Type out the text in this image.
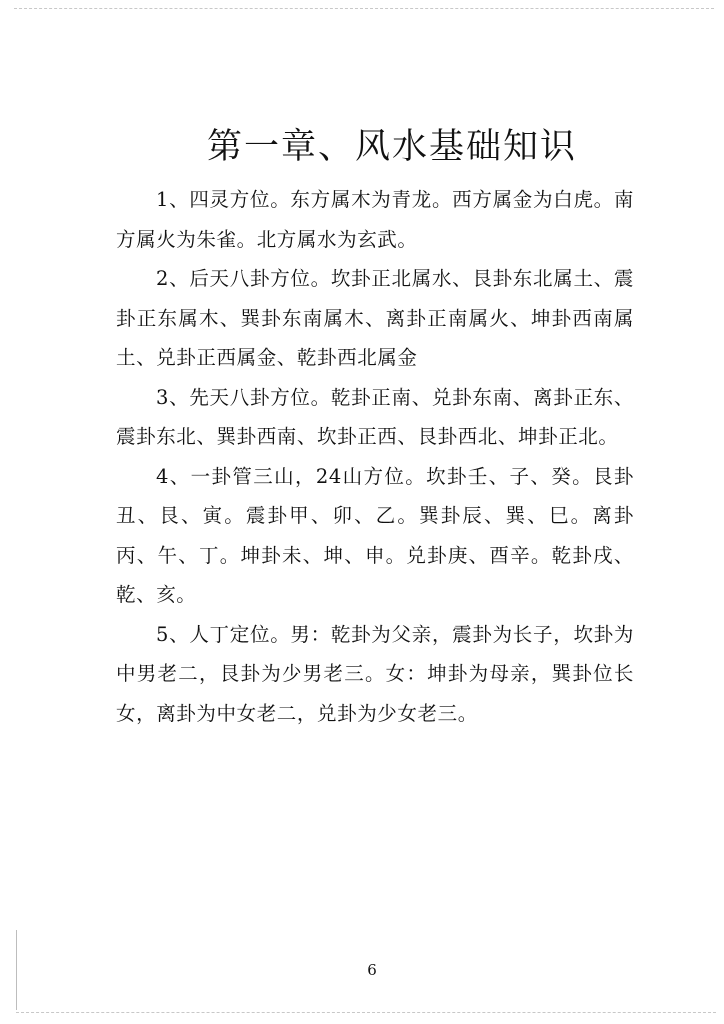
第一章、风水基础知识

1、四灵方位。东方属木为青龙。西方属金为白虎。南方属火为朱雀。北方属水为玄武。

2、后天八卦方位。坎卦正北属水、艮卦东北属土、震卦正东属木、巽卦东南属木、离卦正南属火、坤卦西南属土、兑卦正西属金、乾卦西北属金

3、先天八卦方位。乾卦正南、兑卦东南、离卦正东、震卦东北、巽卦西南、坎卦正西、艮卦西北、坤卦正北。

4、一卦管三山，24山方位。坎卦壬、子、癸。艮卦丑、艮、寅。震卦甲、卯、乙。巽卦辰、巽、巳。离卦丙、午、丁。坤卦未、坤、申。兑卦庚、酉辛。乾卦戌、乾、亥。

5、人丁定位。男：乾卦为父亲，震卦为长子，坎卦为中男老二，艮卦为少男老三。女：坤卦为母亲，巽卦位长女，离卦为中女老二，兑卦为少女老三。

6
